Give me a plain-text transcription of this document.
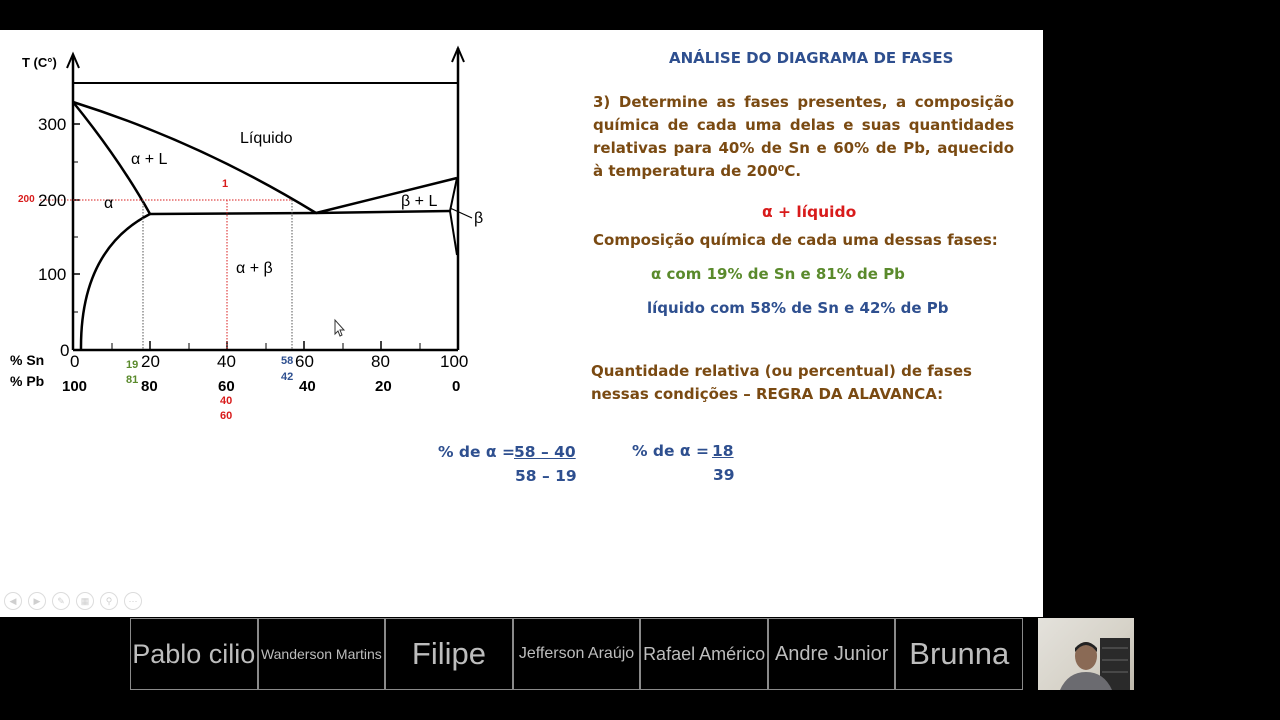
T (C°)
300
200
100
0
200
% Sn
% Pb
0	20	40	60	80	100
100	80	60	40	20	0
Líquido
α + L
α
α + β
β + L
β
1
19
81
40
60
58
42
ANÁLISE DO DIAGRAMA DE FASES
3) Determine as fases presentes, a composição química de cada uma delas e suas quantidades relativas para 40% de Sn e 60% de Pb, aquecido à temperatura de 200⁰C.
α + líquido
Composição química de cada uma dessas fases:
α com 19% de Sn e 81% de Pb
líquido com 58% de Sn e 42% de Pb
Quantidade relativa (ou percentual) de fases nessas condições – REGRA DA ALAVANCA:
% de α = 58 – 40
58 – 19
% de α = 18
39
◀	▶	✎	▦	⚲	⋯
Pablo cilio Wanderson Martins Filipe	Jefferson Araújo Rafael Américo Andre Junior Brunna
